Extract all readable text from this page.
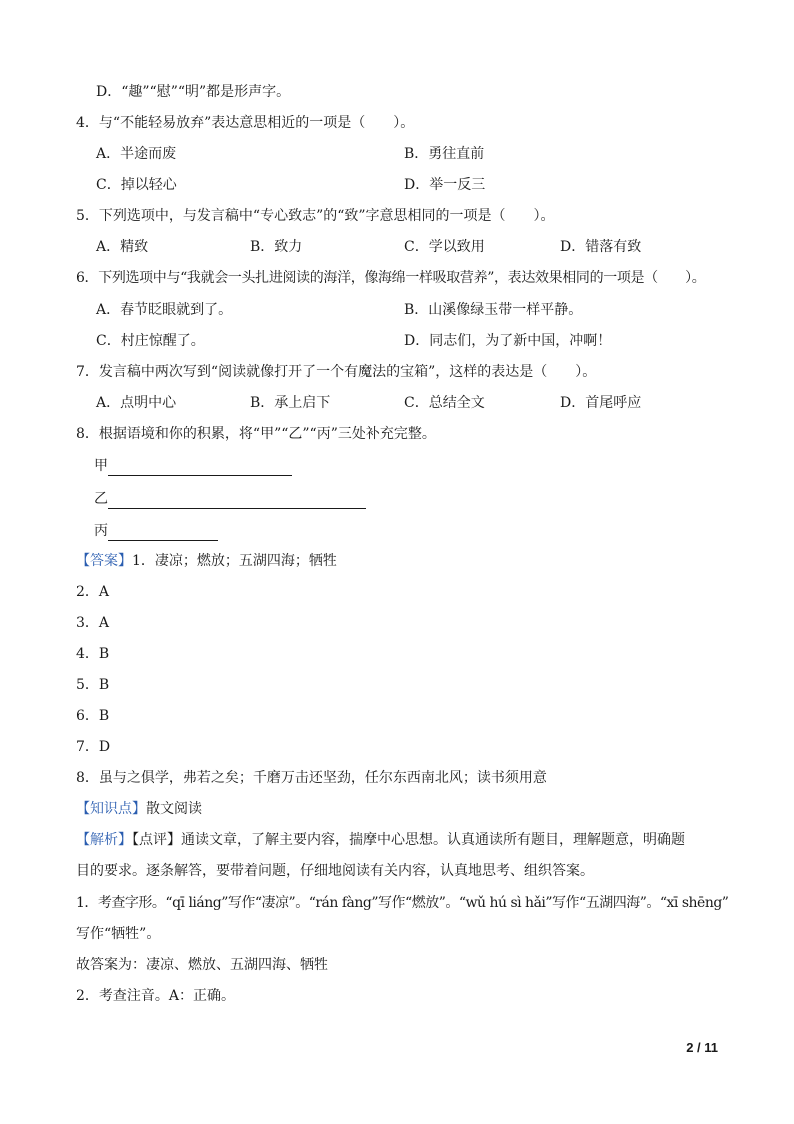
D．“趣”“慰”“明”都是形声字。
4．与“不能轻易放弃”表达意思相近的一项是（　　）。
A．半途而废	B．勇往直前
C．掉以轻心	D．举一反三
5．下列选项中，与发言稿中“专心致志”的“致”字意思相同的一项是（　　）。
A．精致	B．致力	C．学以致用	D．错落有致
6．下列选项中与“我就会一头扎进阅读的海洋，像海绵一样吸取营养”，表达效果相同的一项是（　　）。
A．春节眨眼就到了。	B．山溪像绿玉带一样平静。
C．村庄惊醒了。	D．同志们，为了新中国，冲啊！
7．发言稿中两次写到“阅读就像打开了一个有魔法的宝箱”，这样的表达是（　　）。
A．点明中心	B．承上启下	C．总结全文	D．首尾呼应
8．根据语境和你的积累，将“甲”“乙”“丙”三处补充完整。
甲
乙
丙
【答案】1．凄凉；燃放；五湖四海；牺牲
2．A
3．A
4．B
5．B
6．B
7．D
8．虽与之俱学，弗若之矣；千磨万击还坚劲，任尔东西南北风；读书须用意
【知识点】散文阅读
【解析】【点评】通读文章，了解主要内容，揣摩中心思想。认真通读所有题目，理解题意，明确题
目的要求。逐条解答，要带着问题，仔细地阅读有关内容，认真地思考、组织答案。
1．考查字形。“qī liáng”写作“凄凉”。“rán fàng”写作“燃放”。“wǔ hú sì hǎi”写作“五湖四海”。“xī shēng”
写作“牺牲”。
故答案为：凄凉、燃放、五湖四海、牺牲
2．考查注音。A：正确。
2 / 11
